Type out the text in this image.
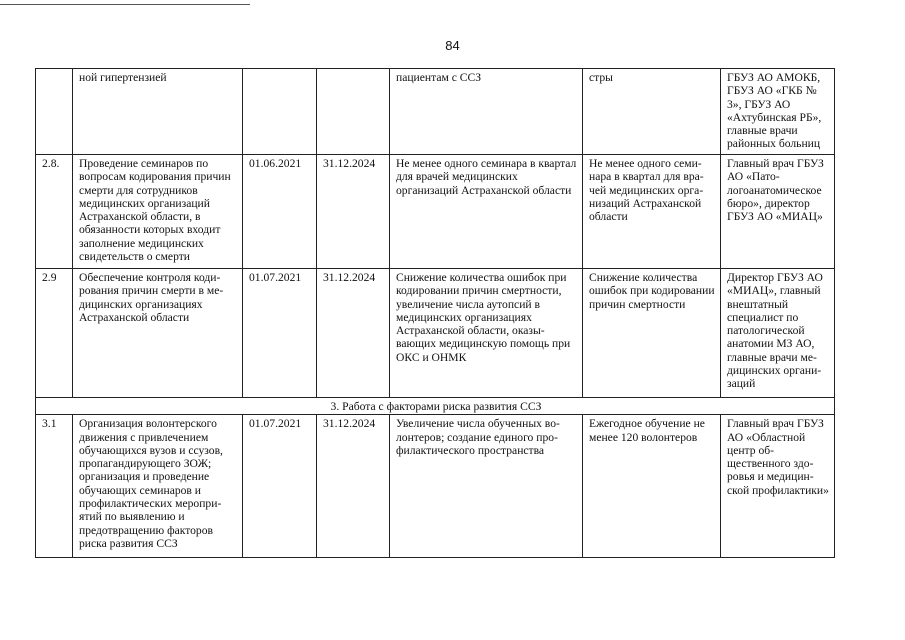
84
	ной гипертензией			пациентам с ССЗ	стры	ГБУЗ АО АМОКБ, ГБУЗ АО «ГКБ № 3», ГБУЗ АО «Ахтубинская РБ», главные врачи районных больниц
2.8.	Проведение семинаров по вопросам кодирования причин смерти для сотрудников медицинских организаций Астраханской области, в обязанности которых входит заполнение медицинских свидетельств о смерти	01.06.2021	31.12.2024	Не менее одного семинара в квартал для врачей медицинских организаций Астраханской области	Не менее одного семинара в квартал для врачей медицинских организаций Астраханской области	Главный врач ГБУЗ АО «Патологоанатомическое бюро», директор ГБУЗ АО «МИАЦ»
2.9	Обеспечение контроля кодирования причин смерти в медицинских организациях Астраханской области	01.07.2021	31.12.2024	Снижение количества ошибок при кодировании причин смертности, увеличение числа аутопсий в медицинских организациях Астраханской области, оказывающих медицинскую помощь при ОКС и ОНМК	Снижение количества ошибок при кодировании причин смертности	Директор ГБУЗ АО «МИАЦ», главный внештатный специалист по патологической анатомии МЗ АО, главные врачи медицинских организаций
3. Работа с факторами риска развития ССЗ						
3.1	Организация волонтерского движения с привлечением обучающихся вузов и ссузов, пропагандирующего ЗОЖ; организация и проведение обучающих семинаров и профилактических мероприятий по выявлению и предотвращению факторов риска развития ССЗ	01.07.2021	31.12.2024	Увеличение числа обученных волонтеров; создание единого профилактического пространства	Ежегодное обучение не менее 120 волонтеров	Главный врач ГБУЗ АО «Областной центр общественного здоровья и медицинской профилактики»
